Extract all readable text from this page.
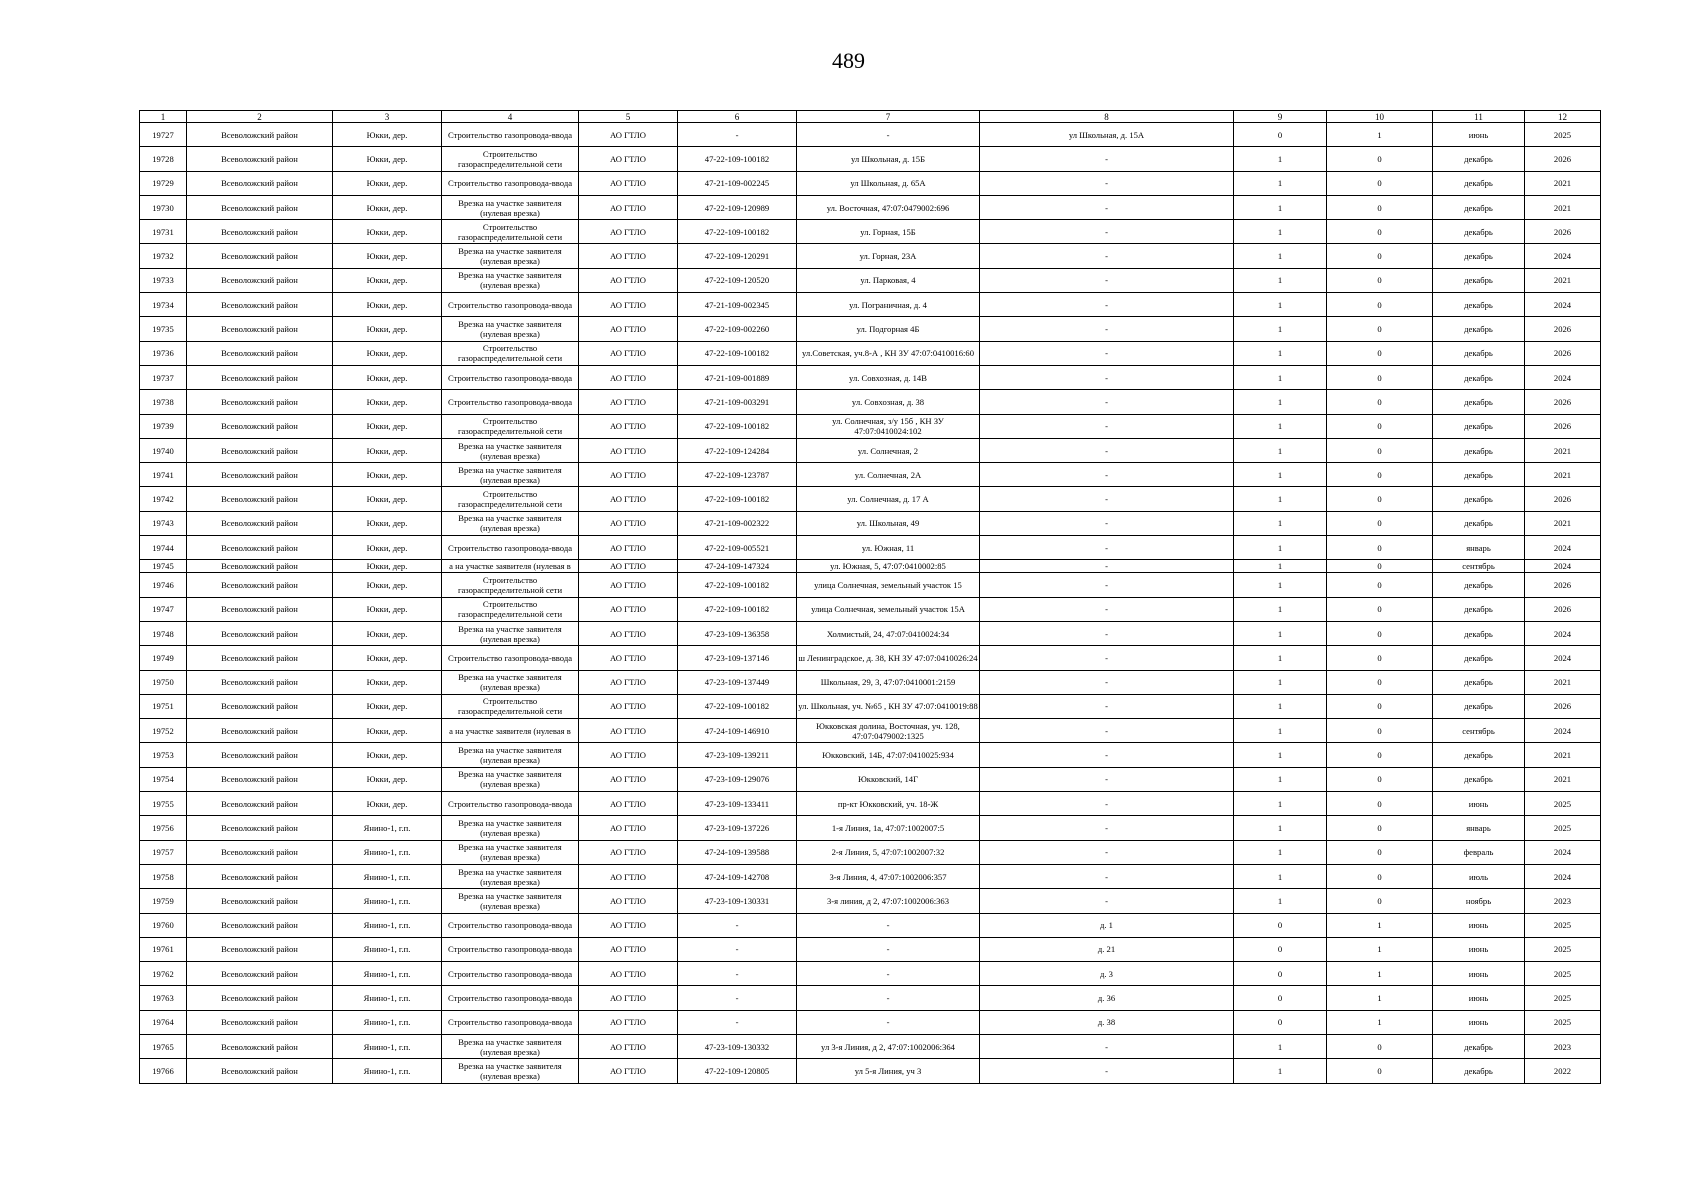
489
1	2	3	4	5	6	7	8	9	10	11	12
19727	Всеволожский район	Юкки, дер.	Строительство газопровода-ввода	АО ГТЛО	-	-	ул Школьная, д. 15А	0	1	июнь	2025
19728	Всеволожский район	Юкки, дер.	Строительство газораспределительной сети	АО ГТЛО	47-22-109-100182	ул Школьная, д. 15Б	-	1	0	декабрь	2026
19729	Всеволожский район	Юкки, дер.	Строительство газопровода-ввода	АО ГТЛО	47-21-109-002245	ул Школьная, д. 65А	-	1	0	декабрь	2021
19730	Всеволожский район	Юкки, дер.	Врезка на участке заявителя (нулевая врезка)	АО ГТЛО	47-22-109-120989	ул. Восточная, 47:07:0479002:696	-	1	0	декабрь	2021
19731	Всеволожский район	Юкки, дер.	Строительство газораспределительной сети	АО ГТЛО	47-22-109-100182	ул. Горная, 15Б	-	1	0	декабрь	2026
19732	Всеволожский район	Юкки, дер.	Врезка на участке заявителя (нулевая врезка)	АО ГТЛО	47-22-109-120291	ул. Горная, 23А	-	1	0	декабрь	2024
19733	Всеволожский район	Юкки, дер.	Врезка на участке заявителя (нулевая врезка)	АО ГТЛО	47-22-109-120520	ул. Парковая, 4	-	1	0	декабрь	2021
19734	Всеволожский район	Юкки, дер.	Строительство газопровода-ввода	АО ГТЛО	47-21-109-002345	ул. Пограничная, д. 4	-	1	0	декабрь	2024
19735	Всеволожский район	Юкки, дер.	Врезка на участке заявителя (нулевая врезка)	АО ГТЛО	47-22-109-002260	ул. Подгорная 4Б	-	1	0	декабрь	2026
19736	Всеволожский район	Юкки, дер.	Строительство газораспределительной сети	АО ГТЛО	47-22-109-100182	ул.Советская, уч.8-А , КН ЗУ 47:07:0410016:60	-	1	0	декабрь	2026
19737	Всеволожский район	Юкки, дер.	Строительство газопровода-ввода	АО ГТЛО	47-21-109-001889	ул. Совхозная, д. 14В	-	1	0	декабрь	2024
19738	Всеволожский район	Юкки, дер.	Строительство газопровода-ввода	АО ГТЛО	47-21-109-003291	ул. Совхозная, д. 38	-	1	0	декабрь	2026
19739	Всеволожский район	Юкки, дер.	Строительство газораспределительной сети	АО ГТЛО	47-22-109-100182	ул. Солнечная, з/у 15б , КН ЗУ 47:07:0410024:102	-	1	0	декабрь	2026
19740	Всеволожский район	Юкки, дер.	Врезка на участке заявителя (нулевая врезка)	АО ГТЛО	47-22-109-124284	ул. Солнечная, 2	-	1	0	декабрь	2021
19741	Всеволожский район	Юкки, дер.	Врезка на участке заявителя (нулевая врезка)	АО ГТЛО	47-22-109-123787	ул. Солнечная, 2А	-	1	0	декабрь	2021
19742	Всеволожский район	Юкки, дер.	Строительство газораспределительной сети	АО ГТЛО	47-22-109-100182	ул. Солнечная, д. 17 А	-	1	0	декабрь	2026
19743	Всеволожский район	Юкки, дер.	Врезка на участке заявителя (нулевая врезка)	АО ГТЛО	47-21-109-002322	ул. Школьная, 49	-	1	0	декабрь	2021
19744	Всеволожский район	Юкки, дер.	Строительство газопровода-ввода	АО ГТЛО	47-22-109-005521	ул. Южная, 11	-	1	0	январь	2024
19745	Всеволожский район	Юкки, дер.	а на участке заявителя (нулевая в	АО ГТЛО	47-24-109-147324	ул. Южная, 5, 47:07:0410002:85	-	1	0	сентябрь	2024
19746	Всеволожский район	Юкки, дер.	Строительство газораспределительной сети	АО ГТЛО	47-22-109-100182	улица Солнечная, земельный участок 15	-	1	0	декабрь	2026
19747	Всеволожский район	Юкки, дер.	Строительство газораспределительной сети	АО ГТЛО	47-22-109-100182	улица Солнечная, земельный участок 15А	-	1	0	декабрь	2026
19748	Всеволожский район	Юкки, дер.	Врезка на участке заявителя (нулевая врезка)	АО ГТЛО	47-23-109-136358	Холмистый, 24, 47:07:0410024:34	-	1	0	декабрь	2024
19749	Всеволожский район	Юкки, дер.	Строительство газопровода-ввода	АО ГТЛО	47-23-109-137146	ш Ленинградское, д. 38, КН ЗУ 47:07:0410026:24	-	1	0	декабрь	2024
19750	Всеволожский район	Юкки, дер.	Врезка на участке заявителя (нулевая врезка)	АО ГТЛО	47-23-109-137449	Школьная, 29, 3, 47:07:0410001:2159	-	1	0	декабрь	2021
19751	Всеволожский район	Юкки, дер.	Строительство газораспределительной сети	АО ГТЛО	47-22-109-100182	ул. Школьная, уч. №65 , КН ЗУ 47:07:0410019:88	-	1	0	декабрь	2026
19752	Всеволожский район	Юкки, дер.	а на участке заявителя (нулевая в	АО ГТЛО	47-24-109-146910	Юкковская долина, Восточная, уч. 128, 47:07:0479002:1325	-	1	0	сентябрь	2024
19753	Всеволожский район	Юкки, дер.	Врезка на участке заявителя (нулевая врезка)	АО ГТЛО	47-23-109-139211	Юкковский, 14Б, 47:07:0410025:934	-	1	0	декабрь	2021
19754	Всеволожский район	Юкки, дер.	Врезка на участке заявителя (нулевая врезка)	АО ГТЛО	47-23-109-129076	Юкковский, 14Г	-	1	0	декабрь	2021
19755	Всеволожский район	Юкки, дер.	Строительство газопровода-ввода	АО ГТЛО	47-23-109-133411	пр-кт Юкковский, уч. 18-Ж	-	1	0	июнь	2025
19756	Всеволожский район	Янино-1, г.п.	Врезка на участке заявителя (нулевая врезка)	АО ГТЛО	47-23-109-137226	1-я Линия, 1а, 47:07:1002007:5	-	1	0	январь	2025
19757	Всеволожский район	Янино-1, г.п.	Врезка на участке заявителя (нулевая врезка)	АО ГТЛО	47-24-109-139588	2-я Линия, 5, 47:07:1002007:32	-	1	0	февраль	2024
19758	Всеволожский район	Янино-1, г.п.	Врезка на участке заявителя (нулевая врезка)	АО ГТЛО	47-24-109-142708	3-я Линия, 4, 47:07:1002006:357	-	1	0	июль	2024
19759	Всеволожский район	Янино-1, г.п.	Врезка на участке заявителя (нулевая врезка)	АО ГТЛО	47-23-109-130331	3-я линия, д 2, 47:07:1002006:363	-	1	0	ноябрь	2023
19760	Всеволожский район	Янино-1, г.п.	Строительство газопровода-ввода	АО ГТЛО	-	-	д. 1	0	1	июнь	2025
19761	Всеволожский район	Янино-1, г.п.	Строительство газопровода-ввода	АО ГТЛО	-	-	д. 21	0	1	июнь	2025
19762	Всеволожский район	Янино-1, г.п.	Строительство газопровода-ввода	АО ГТЛО	-	-	д. 3	0	1	июнь	2025
19763	Всеволожский район	Янино-1, г.п.	Строительство газопровода-ввода	АО ГТЛО	-	-	д. 36	0	1	июнь	2025
19764	Всеволожский район	Янино-1, г.п.	Строительство газопровода-ввода	АО ГТЛО	-	-	д. 38	0	1	июнь	2025
19765	Всеволожский район	Янино-1, г.п.	Врезка на участке заявителя (нулевая врезка)	АО ГТЛО	47-23-109-130332	ул 3-я Линия, д 2, 47:07:1002006:364	-	1	0	декабрь	2023
19766	Всеволожский район	Янино-1, г.п.	Врезка на участке заявителя (нулевая врезка)	АО ГТЛО	47-22-109-120805	ул 5-я Линия, уч 3	-	1	0	декабрь	2022
